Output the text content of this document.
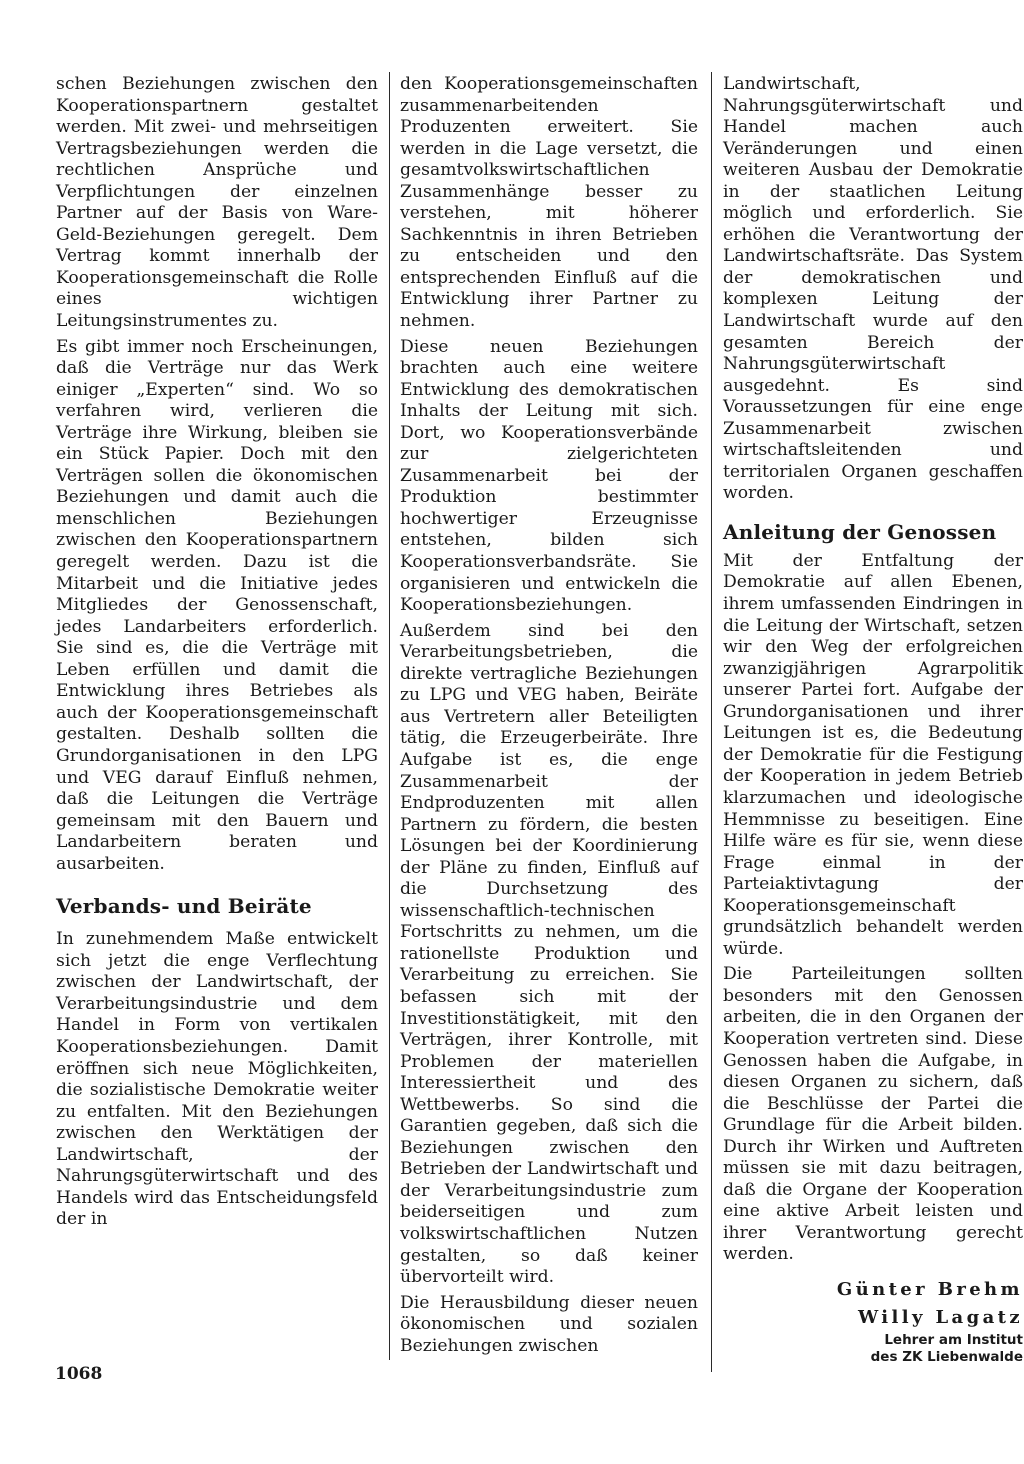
schen Beziehungen zwischen den Kooperationspartnern gestaltet werden. Mit zwei- und mehrseitigen Vertragsbeziehungen werden die rechtlichen Ansprüche und Verpflichtungen der einzelnen Partner auf der Basis von Ware-Geld-Beziehungen geregelt. Dem Vertrag kommt innerhalb der Kooperationsgemeinschaft die Rolle eines wichtigen Leitungsinstrumentes zu.

Es gibt immer noch Erscheinungen, daß die Verträge nur das Werk einiger „Experten“ sind. Wo so verfahren wird, verlieren die Verträge ihre Wirkung, bleiben sie ein Stück Papier. Doch mit den Verträgen sollen die ökonomischen Beziehungen und damit auch die menschlichen Beziehungen zwischen den Kooperationspartnern geregelt werden. Dazu ist die Mitarbeit und die Initiative jedes Mitgliedes der Genossenschaft, jedes Landarbeiters erforderlich. Sie sind es, die die Verträge mit Leben erfüllen und damit die Entwicklung ihres Betriebes als auch der Kooperationsgemeinschaft gestalten. Deshalb sollten die Grundorganisationen in den LPG und VEG darauf Einfluß nehmen, daß die Leitungen die Verträge gemeinsam mit den Bauern und Landarbeitern beraten und ausarbeiten.

Verbands- und Beiräte

In zunehmendem Maße entwickelt sich jetzt die enge Verflechtung zwischen der Landwirtschaft, der Verarbeitungsindustrie und dem Handel in Form von vertikalen Kooperationsbeziehungen. Damit eröffnen sich neue Möglichkeiten, die sozialistische Demokratie weiter zu entfalten. Mit den Beziehungen zwischen den Werktätigen der Landwirtschaft, der Nahrungsgüterwirtschaft und des Handels wird das Entscheidungsfeld der in

den Kooperationsgemeinschaften zusammenarbeitenden Produzenten erweitert. Sie werden in die Lage versetzt, die gesamtvolkswirtschaftlichen Zusammenhänge besser zu verstehen, mit höherer Sachkenntnis in ihren Betrieben zu entscheiden und den entsprechenden Einfluß auf die Entwicklung ihrer Partner zu nehmen.

Diese neuen Beziehungen brachten auch eine weitere Entwicklung des demokratischen Inhalts der Leitung mit sich. Dort, wo Kooperationsverbände zur zielgerichteten Zusammenarbeit bei der Produktion bestimmter hochwertiger Erzeugnisse entstehen, bilden sich Kooperationsverbandsräte. Sie organisieren und entwickeln die Kooperationsbeziehungen.

Außerdem sind bei den Verarbeitungsbetrieben, die direkte vertragliche Beziehungen zu LPG und VEG haben, Beiräte aus Vertretern aller Beteiligten tätig, die Erzeugerbeiräte. Ihre Aufgabe ist es, die enge Zusammenarbeit der Endproduzenten mit allen Partnern zu fördern, die besten Lösungen bei der Koordinierung der Pläne zu finden, Einfluß auf die Durchsetzung des wissenschaftlich-technischen Fortschritts zu nehmen, um die rationellste Produktion und Verarbeitung zu erreichen. Sie befassen sich mit der Investitionstätigkeit, mit den Verträgen, ihrer Kontrolle, mit Problemen der materiellen Interessiertheit und des Wettbewerbs. So sind die Garantien gegeben, daß sich die Beziehungen zwischen den Betrieben der Landwirtschaft und der Verarbeitungsindustrie zum beiderseitigen und zum volkswirtschaftlichen Nutzen gestalten, so daß keiner übervorteilt wird.

Die Herausbildung dieser neuen ökonomischen und sozialen Beziehungen zwischen

Landwirtschaft, Nahrungsgüterwirtschaft und Handel machen auch Veränderungen und einen weiteren Ausbau der Demokratie in der staatlichen Leitung möglich und erforderlich. Sie erhöhen die Verantwortung der Landwirtschaftsräte. Das System der demokratischen und komplexen Leitung der Landwirtschaft wurde auf den gesamten Bereich der Nahrungsgüterwirtschaft ausgedehnt. Es sind Voraussetzungen für eine enge Zusammenarbeit zwischen wirtschaftsleitenden und territorialen Organen geschaffen worden.

Anleitung der Genossen

Mit der Entfaltung der Demokratie auf allen Ebenen, ihrem umfassenden Eindringen in die Leitung der Wirtschaft, setzen wir den Weg der erfolgreichen zwanzigjährigen Agrarpolitik unserer Partei fort. Aufgabe der Grundorganisationen und ihrer Leitungen ist es, die Bedeutung der Demokratie für die Festigung der Kooperation in jedem Betrieb klarzumachen und ideologische Hemmnisse zu beseitigen. Eine Hilfe wäre es für sie, wenn diese Frage einmal in der Parteiaktivtagung der Kooperationsgemeinschaft grundsätzlich behandelt werden würde.

Die Parteileitungen sollten besonders mit den Genossen arbeiten, die in den Organen der Kooperation vertreten sind. Diese Genossen haben die Aufgabe, in diesen Organen zu sichern, daß die Beschlüsse der Partei die Grundlage für die Arbeit bilden. Durch ihr Wirken und Auftreten müssen sie mit dazu beitragen, daß die Organe der Kooperation eine aktive Arbeit leisten und ihrer Verantwortung gerecht werden.

Günter Brehm
Willy Lagatz
Lehrer am Institut
des ZK Liebenwalde
1068
